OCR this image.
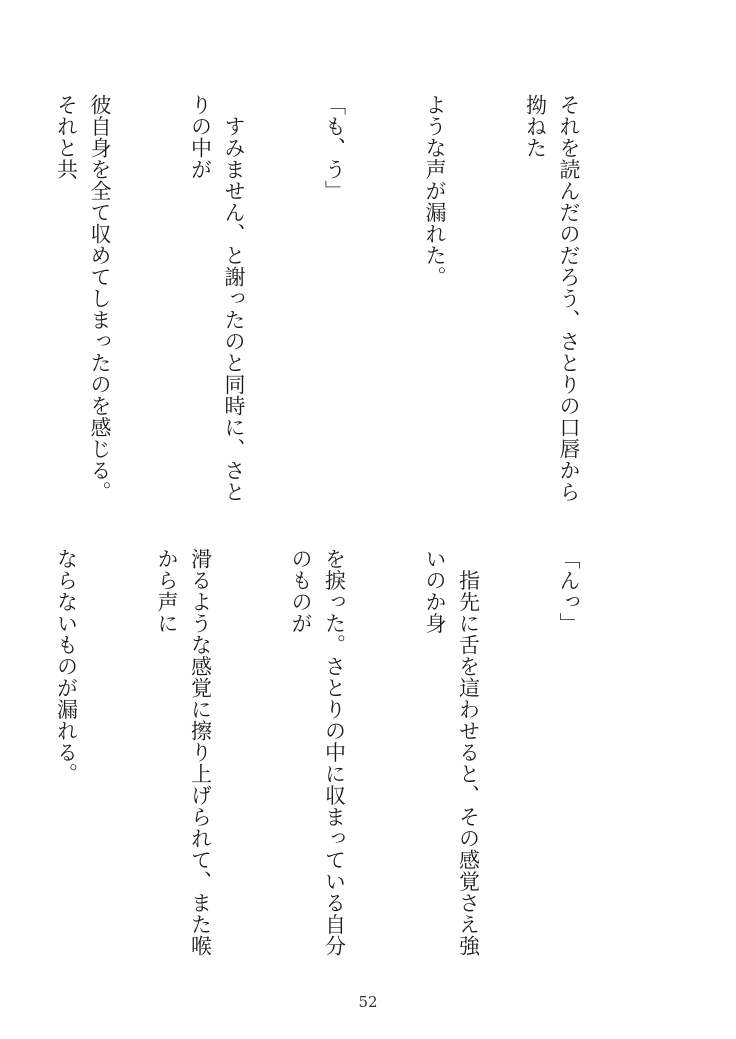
それを読んだのだろう、さとりの口唇から拗ねた

ような声が漏れた。

「も、う」

　すみません、と謝ったのと同時に、さとりの中が

彼自身を全て収めてしまったのを感じる。それと共

「んっ」

　指先に舌を這わせると、その感覚さえ強いのか身

を捩った。さとりの中に収まっている自分のものが

滑るような感覚に擦り上げられて、また喉から声に

ならないものが漏れる。

52
